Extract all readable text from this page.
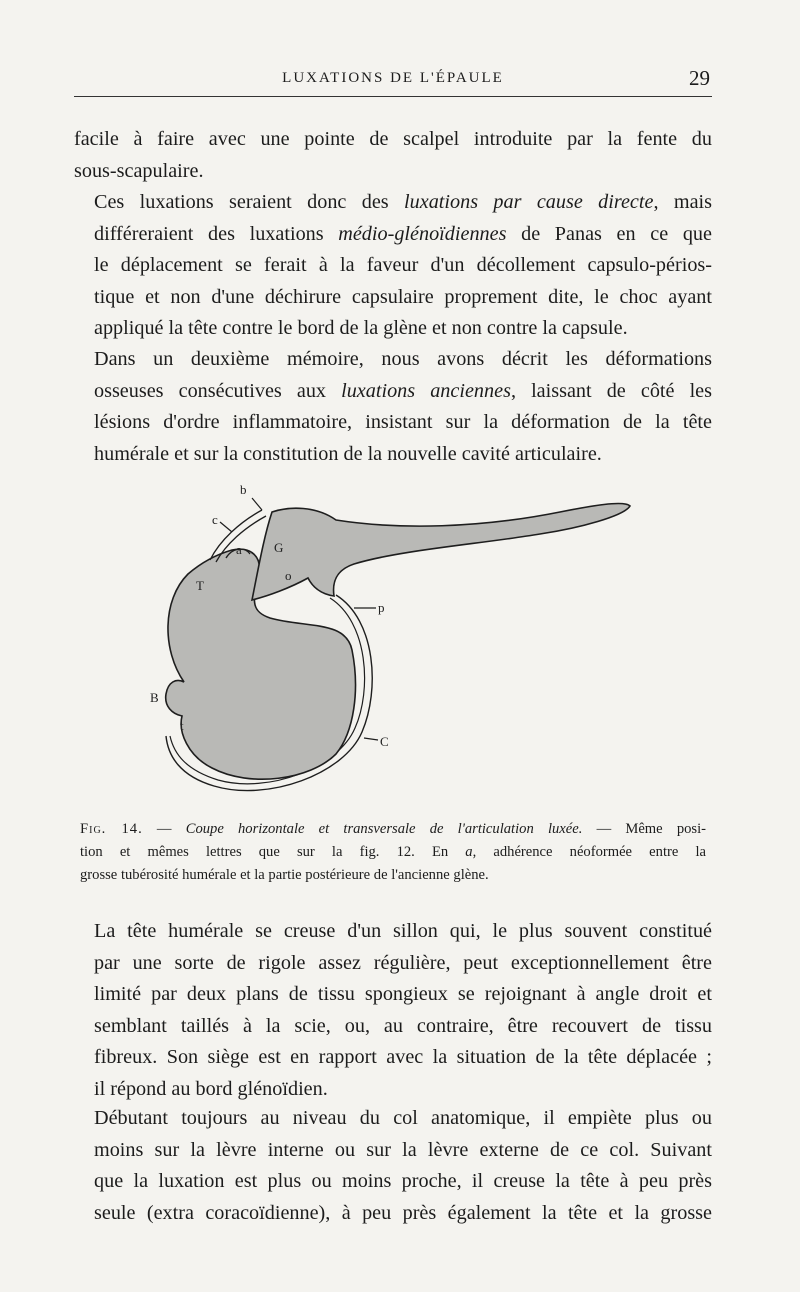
LUXATIONS DE L'ÉPAULE	29

facile à faire avec une pointe de scalpel introduite par la fente du
sous-scapulaire.

Ces luxations seraient donc des luxations par cause directe, mais
différeraient des luxations médio-glénoïdiennes de Panas en ce que
le déplacement se ferait à la faveur d'un décollement capsulo-périos-
tique et non d'une déchirure capsulaire proprement dite, le choc ayant
appliqué la tête contre le bord de la glène et non contre la capsule.

Dans un deuxième mémoire, nous avons décrit les déformations
osseuses consécutives aux luxations anciennes, laissant de côté les
lésions d'ordre inflammatoire, insistant sur la déformation de la tête
humérale et sur la constitution de la nouvelle cavité articulaire.

b
c
a G
o
T
p
B
t
C

Fig. 14. — Coupe horizontale et transversale de l'articulation luxée. — Même posi-
tion et mêmes lettres que sur la fig. 12. En a, adhérence néoformée entre la
grosse tubérosité humérale et la partie postérieure de l'ancienne glène.

La tête humérale se creuse d'un sillon qui, le plus souvent constitué
par une sorte de rigole assez régulière, peut exceptionnellement être
limité par deux plans de tissu spongieux se rejoignant à angle droit et
semblant taillés à la scie, ou, au contraire, être recouvert de tissu
fibreux. Son siège est en rapport avec la situation de la tête déplacée ;
il répond au bord glénoïdien.

Débutant toujours au niveau du col anatomique, il empiète plus ou
moins sur la lèvre interne ou sur la lèvre externe de ce col. Suivant
que la luxation est plus ou moins proche, il creuse la tête à peu près
seule (extra coracoïdienne), à peu près également la tête et la grosse
